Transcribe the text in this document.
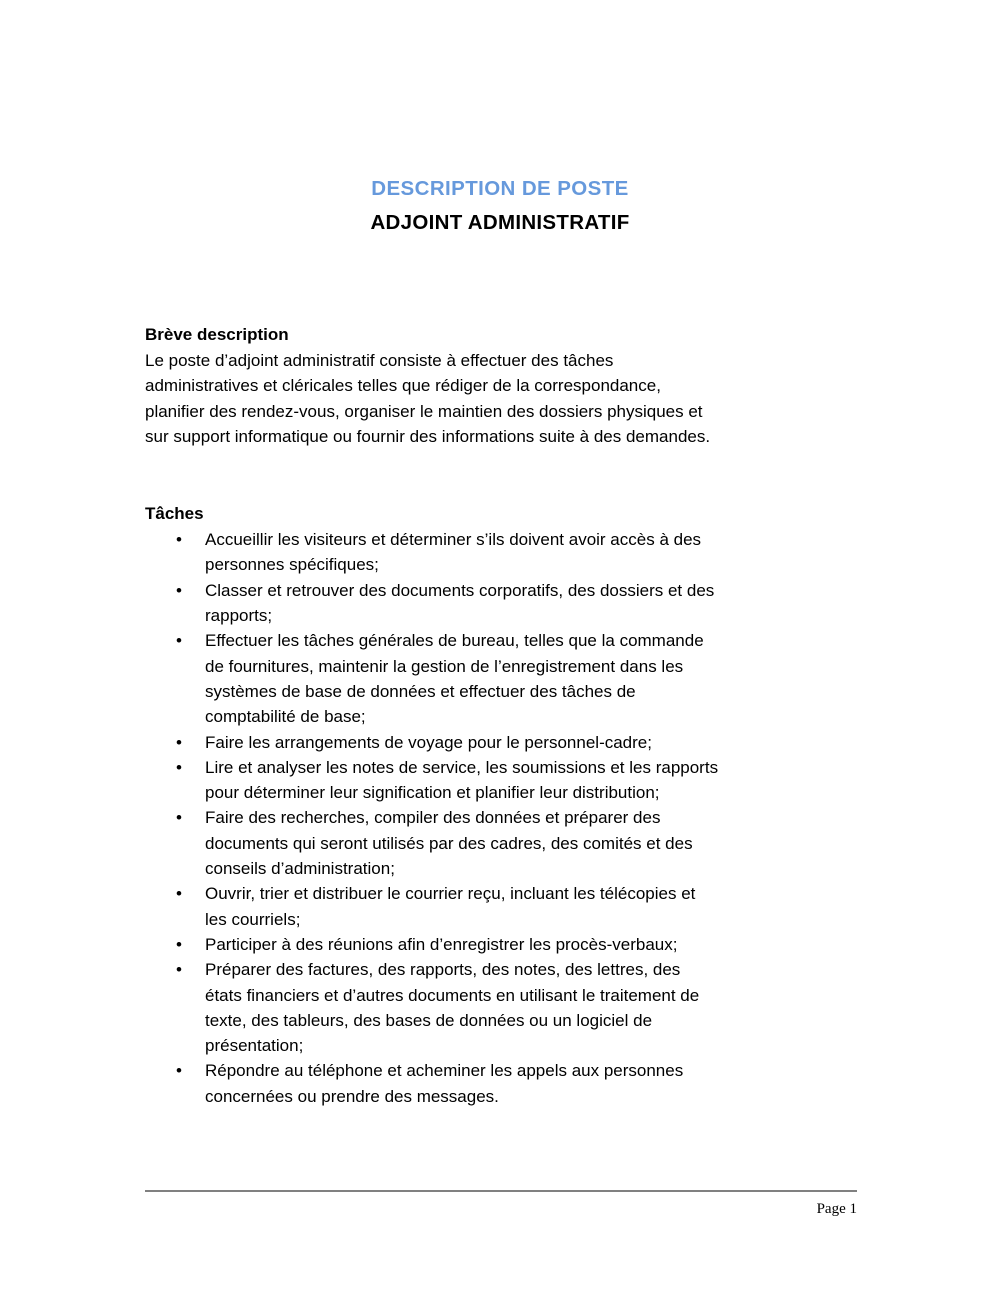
DESCRIPTION DE POSTE
ADJOINT ADMINISTRATIF
Brève description

Le poste d’adjoint administratif consiste à effectuer des tâches administratives et cléricales telles que rédiger de la correspondance, planifier des rendez-vous, organiser le maintien des dossiers physiques et sur support informatique ou fournir des informations suite à des demandes.

Tâches
• Accueillir les visiteurs et déterminer s’ils doivent avoir accès à des personnes spécifiques;
• Classer et retrouver des documents corporatifs, des dossiers et des rapports;
• Effectuer les tâches générales de bureau, telles que la commande de fournitures, maintenir la gestion de l’enregistrement dans les systèmes de base de données et effectuer des tâches de comptabilité de base;
• Faire les arrangements de voyage pour le personnel-cadre;
• Lire et analyser les notes de service, les soumissions et les rapports pour déterminer leur signification et planifier leur distribution;
• Faire des recherches, compiler des données et préparer des documents qui seront utilisés par des cadres, des comités et des conseils d’administration;
• Ouvrir, trier et distribuer le courrier reçu, incluant les télécopies et les courriels;
• Participer à des réunions afin d’enregistrer les procès-verbaux;
• Préparer des factures, des rapports, des notes, des lettres, des états financiers et d’autres documents en utilisant le traitement de texte, des tableurs, des bases de données ou un logiciel de présentation;
• Répondre au téléphone et acheminer les appels aux personnes concernées ou prendre des messages.
Page 1
